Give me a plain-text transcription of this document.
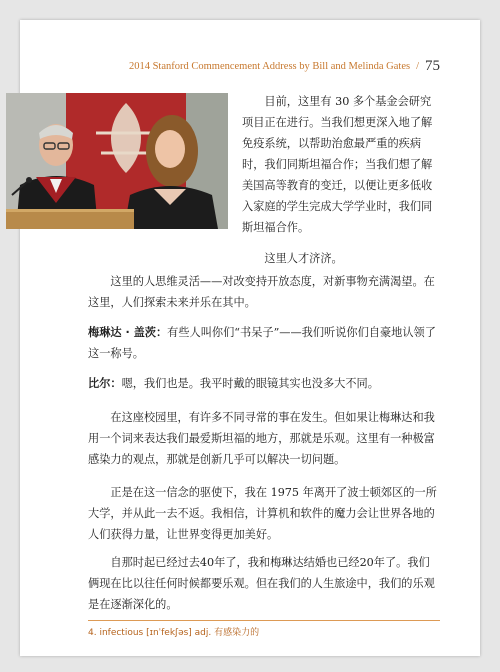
2014 Stanford Commencement Address by Bill and Melinda Gates / 75

目前，这里有 30 多个基金会研究项目正在进行。当我们想更深入地了解免疫系统，以帮助治愈最严重的疾病时，我们同斯坦福合作；当我们想了解美国高等教育的变迁，以便让更多低收入家庭的学生完成大学学业时，我们同斯坦福合作。

这里人才济济。

这里的人思维灵活——对改变持开放态度，对新事物充满渴望。在这里，人们探索未来并乐在其中。

梅琳达 · 盖茨：有些人叫你们“书呆子”——我们听说你们自豪地认领了这一称号。

比尔：嗯，我们也是。我平时戴的眼镜其实也没多大不同。

在这座校园里，有许多不同寻常的事在发生。但如果让梅琳达和我用一个词来表达我们最爱斯坦福的地方，那就是乐观。这里有一种极富感染力的观点，那就是创新几乎可以解决一切问题。

正是在这一信念的驱使下，我在 1975 年离开了波士顿郊区的一所大学，并从此一去不返。我相信，计算机和软件的魔力会让世界各地的人们获得力量，让世界变得更加美好。

自那时起已经过去40年了，我和梅琳达结婚也已经20年了。我们俩现在比以往任何时候都要乐观。但在我们的人生旅途中，我们的乐观是在逐渐深化的。

4. infectious [ɪnˈfekʃəs] adj. 有感染力的
